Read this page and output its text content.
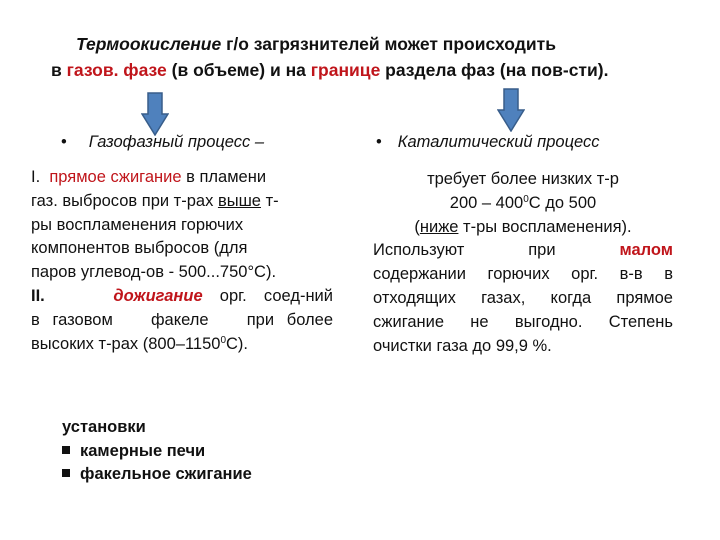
Термоокисление г/о загрязнителей может происходить
в газов. фазе (в объеме) и на границе раздела фаз (на пов-сти).
• Газофазный процесс –	• Каталитический процесс
I. прямое сжигание в пламени
газ. выбросов при т-рах выше т-
ры воспламенения горючих
компонентов выбросов (для
паров углевод-ов - 500...750°С).
II.	дожигание орг. соед-ний
в газовом   факеле   при более
высоких т-рах (800–1150$^0$С).
требует более низких т-р
$200 - 400^0С$ до 500
(ниже т-ры воспламенения).
Используют      при      малом
содержании горючих орг. в-в в
отходящих газах, когда прямое
сжигание не выгодно. Степень
очистки газа до 99,9 %.
установки
камерные печи
факельное сжигание
